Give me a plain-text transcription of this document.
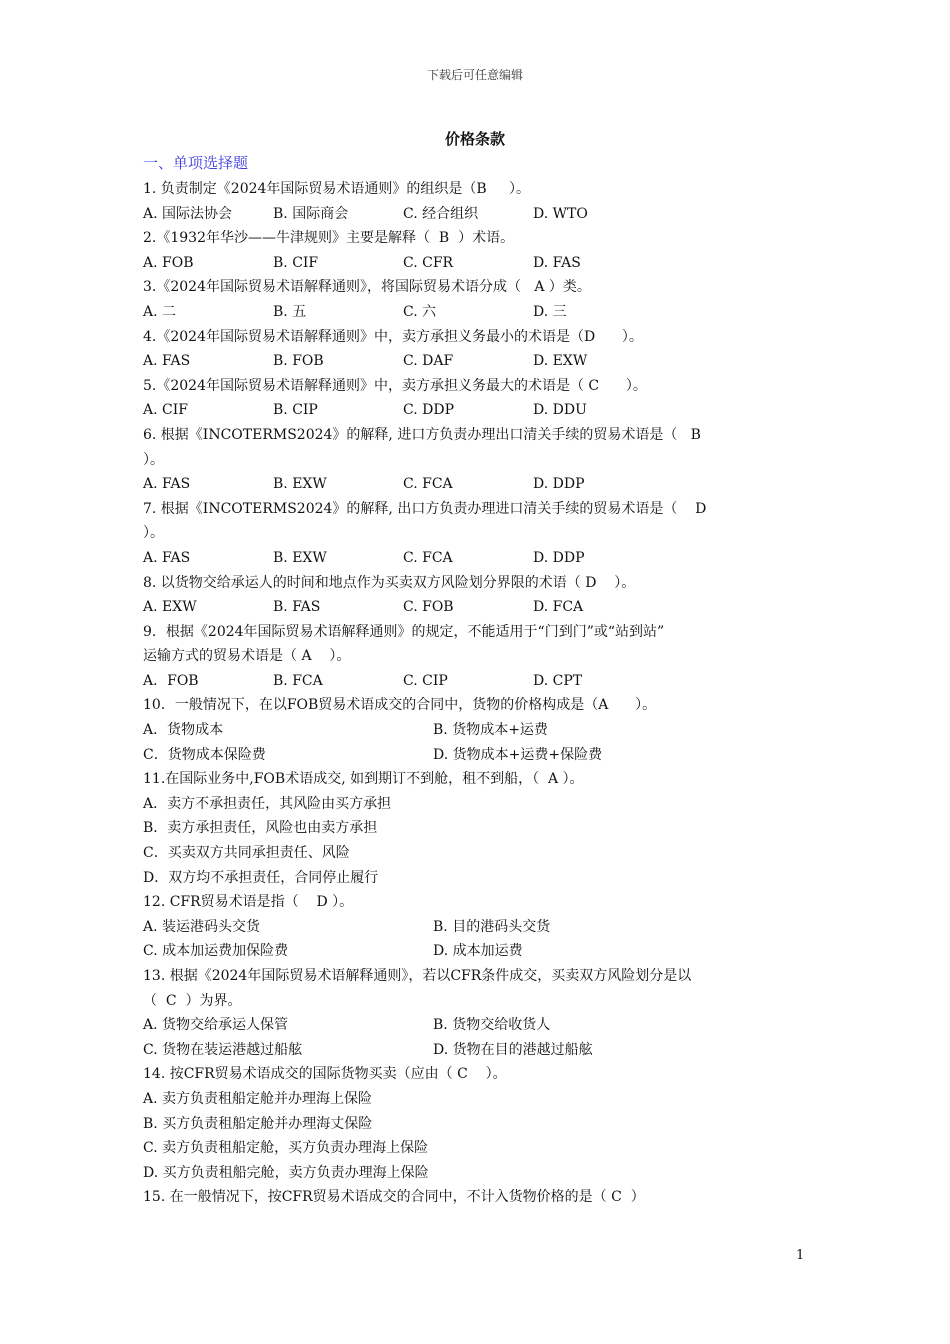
下载后可任意编辑
价格条款
一、单项选择题
1. 负责制定《2024年国际贸易术语通则》的组织是（B     ）。
A. 国际法协会	B. 国际商会	C. 经合组织	D. WTO
2.《1932年华沙——牛津规则》主要是解释（  B  ）术语。
A. FOB	B. CIF	C. CFR	D. FAS
3.《2024年国际贸易术语解释通则》，将国际贸易术语分成（   A ）类。
A. 二	B. 五	C. 六	D. 三
4.《2024年国际贸易术语解释通则》中，卖方承担义务最小的术语是（D      ）。
A. FAS	B. FOB	C. DAF	D. EXW
5.《2024年国际贸易术语解释通则》中，卖方承担义务最大的术语是（ C      ）。
A. CIF	B. CIP	C. DDP	D. DDU
6. 根据《INCOTERMS2024》的解释, 进口方负责办理出口清关手续的贸易术语是（   B
）。
A. FAS	B. EXW	C. FCA	D. DDP
7. 根据《INCOTERMS2024》的解释, 出口方负责办理进口清关手续的贸易术语是（    D
）。
A. FAS	B. EXW	C. FCA	D. DDP
8. 以货物交给承运人的时间和地点作为买卖双方风险划分界限的术语（ D    ）。
A. EXW	B. FAS	C. FOB	D. FCA
9．根据《2024年国际贸易术语解释通则》的规定，不能适用于“门到门”或“站到站”
运输方式的贸易术语是（ A    ）。
A．FOB	B. FCA	C. CIP	D. CPT
10．一般情况下，在以FOB贸易术语成交的合同中，货物的价格构成是（A      ）。
A．货物成本	B. 货物成本+运费
C．货物成本保险费	D. 货物成本+运费+保险费
11.在国际业务中,FOB术语成交, 如到期订不到舱，租不到船，（  A ）。
A．卖方不承担责任，其风险由买方承担
B．卖方承担责任，风险也由卖方承担
C．买卖双方共同承担责任、风险
D．双方均不承担责任，合同停止履行
12. CFR贸易术语是指（    D ）。
A. 装运港码头交货	B. 目的港码头交货
C. 成本加运费加保险费	D. 成本加运费
13. 根据《2024年国际贸易术语解释通则》，若以CFR条件成交，买卖双方风险划分是以
（  C  ）为界。
A. 货物交给承运人保管	B. 货物交给收货人
C. 货物在装运港越过船舷	D. 货物在目的港越过船舷
14. 按CFR贸易术语成交的国际货物买卖（应由（ C    ）。
A. 卖方负责租船定舱并办理海上保险
B. 买方负责租船定舱并办理海丈保险
C. 卖方负责租船定舱，买方负责办理海上保险
D. 买方负责租船完舱，卖方负责办理海上保险
15. 在一般情况下，按CFR贸易术语成交的合同中，不计入货物价格的是（ C  ）
1
